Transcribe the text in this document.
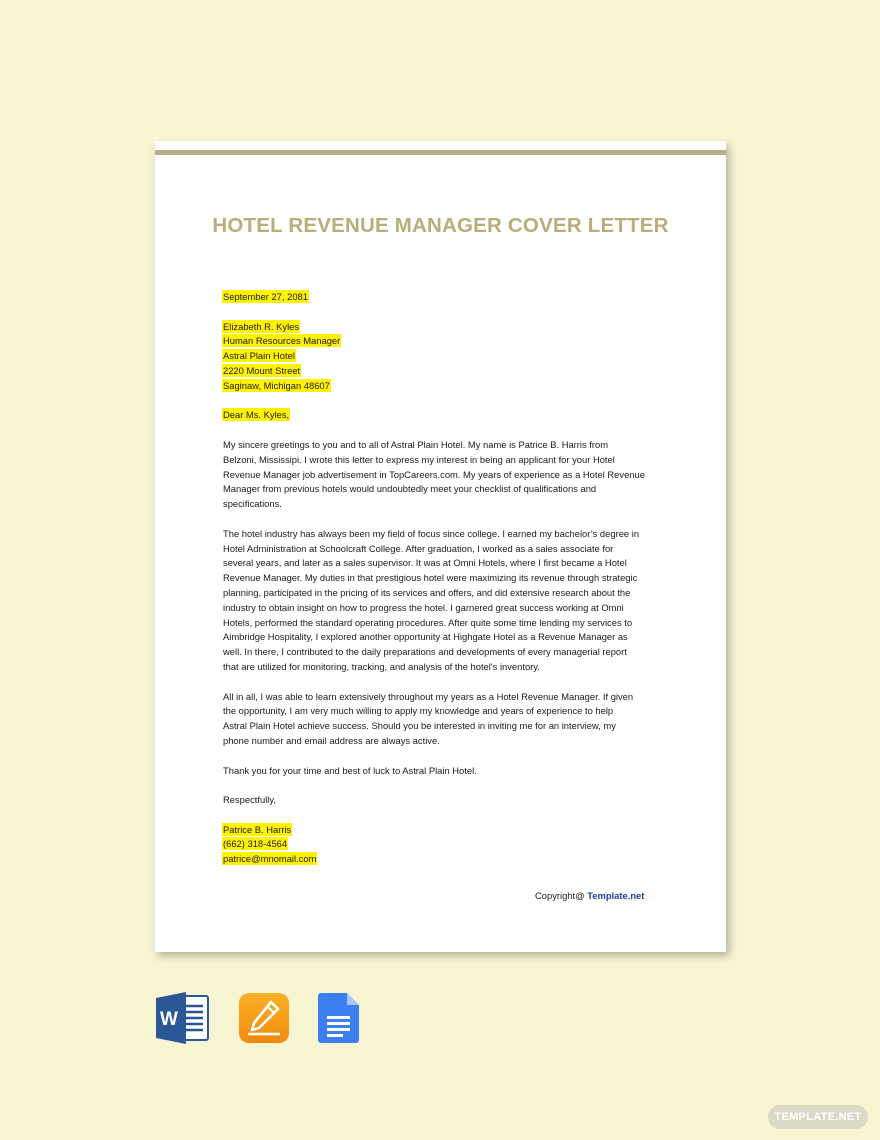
HOTEL REVENUE MANAGER COVER LETTER
September 27, 2081
Elizabeth R. Kyles
Human Resources Manager
Astral Plain Hotel
2220 Mount Street
Saginaw, Michigan 48607
Dear Ms. Kyles,
My sincere greetings to you and to all of Astral Plain Hotel. My name is Patrice B. Harris from
Belzoni, Mississipi. I wrote this letter to express my interest in being an applicant for your Hotel
Revenue Manager job advertisement in TopCareers.com. My years of experience as a Hotel Revenue
Manager from previous hotels would undoubtedly meet your checklist of qualifications and
specifications.
The hotel industry has always been my field of focus since college. I earned my bachelor’s degree in
Hotel Administration at Schoolcraft College. After graduation, I worked as a sales associate for
several years, and later as a sales supervisor. It was at Omni Hotels, where I first became a Hotel
Revenue Manager. My duties in that prestigious hotel were maximizing its revenue through strategic
planning, participated in the pricing of its services and offers, and did extensive research about the
industry to obtain insight on how to progress the hotel. I garnered great success working at Omni
Hotels, performed the standard operating procedures. After quite some time lending my services to
Aimbridge Hospitality, I explored another opportunity at Highgate Hotel as a Revenue Manager as
well. In there, I contributed to the daily preparations and developments of every managerial report
that are utilized for monitoring, tracking, and analysis of the hotel's inventory.
All in all, I was able to learn extensively throughout my years as a Hotel Revenue Manager. If given
the opportunity, I am very much willing to apply my knowledge and years of experience to help
Astral Plain Hotel achieve success. Should you be interested in inviting me for an interview, my
phone number and email address are always active.
Thank you for your time and best of luck to Astral Plain Hotel.
Respectfully,
Patrice B. Harris
(662) 318-4564
patrice@mnomail.com
Copyright@ Template.net
W
TEMPLATE.NET
